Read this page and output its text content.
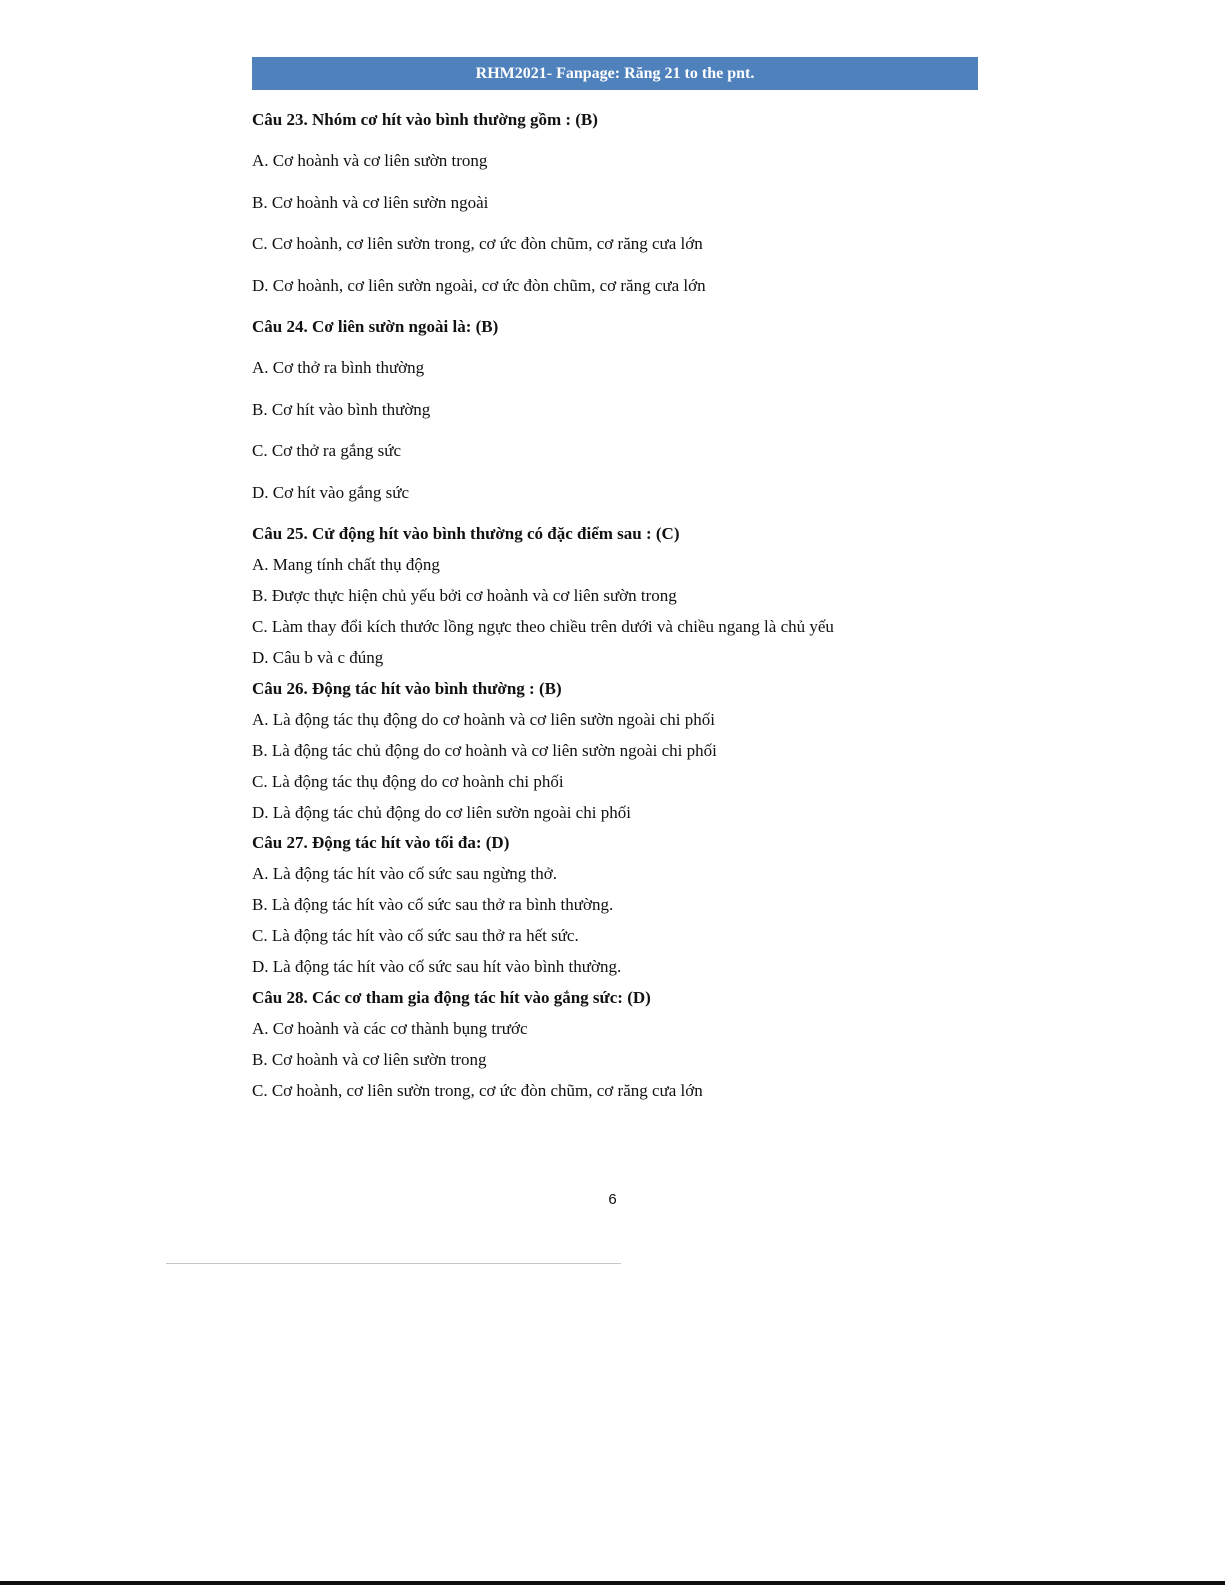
RHM2021- Fanpage: Răng 21 to the pnt.
Câu 23. Nhóm cơ hít vào bình thường gồm : (B)
A. Cơ hoành và cơ liên sườn trong
B. Cơ hoành và cơ liên sườn ngoài
C. Cơ hoành, cơ liên sườn trong, cơ ức đòn chũm, cơ răng cưa lớn
D. Cơ hoành, cơ liên sườn ngoài, cơ ức đòn chũm, cơ răng cưa lớn
Câu 24. Cơ liên sườn ngoài là: (B)
A. Cơ thở ra bình thường
B. Cơ hít vào bình thường
C. Cơ thở ra gắng sức
D. Cơ hít vào gắng sức
Câu 25. Cử động hít vào bình thường có đặc điểm sau : (C)
A. Mang tính chất thụ động
B. Được thực hiện chủ yếu bởi cơ hoành và cơ liên sườn trong
C. Làm thay đổi kích thước lồng ngực theo chiều trên dưới và chiều ngang là chủ yếu
D. Câu b và c đúng
Câu 26. Động tác hít vào bình thường : (B)
A. Là động tác thụ động do cơ hoành và cơ liên sườn ngoài chi phối
B. Là động tác chủ động do cơ hoành và cơ liên sườn ngoài chi phối
C. Là động tác thụ động do cơ hoành chi phối
D. Là động tác chủ động do cơ liên sườn ngoài chi phối
Câu 27. Động tác hít vào tối đa: (D)
A. Là động tác hít vào cố sức sau ngừng thở.
B. Là động tác hít vào cố sức sau thở ra bình thường.
C. Là động tác hít vào cố sức sau thở ra hết sức.
D. Là động tác hít vào cố sức sau hít vào bình thường.
Câu 28. Các cơ tham gia động tác hít vào gắng sức: (D)
A. Cơ hoành và các cơ thành bụng trước
B. Cơ hoành và cơ liên sườn trong
C. Cơ hoành, cơ liên sườn trong, cơ ức đòn chũm, cơ răng cưa lớn
6
